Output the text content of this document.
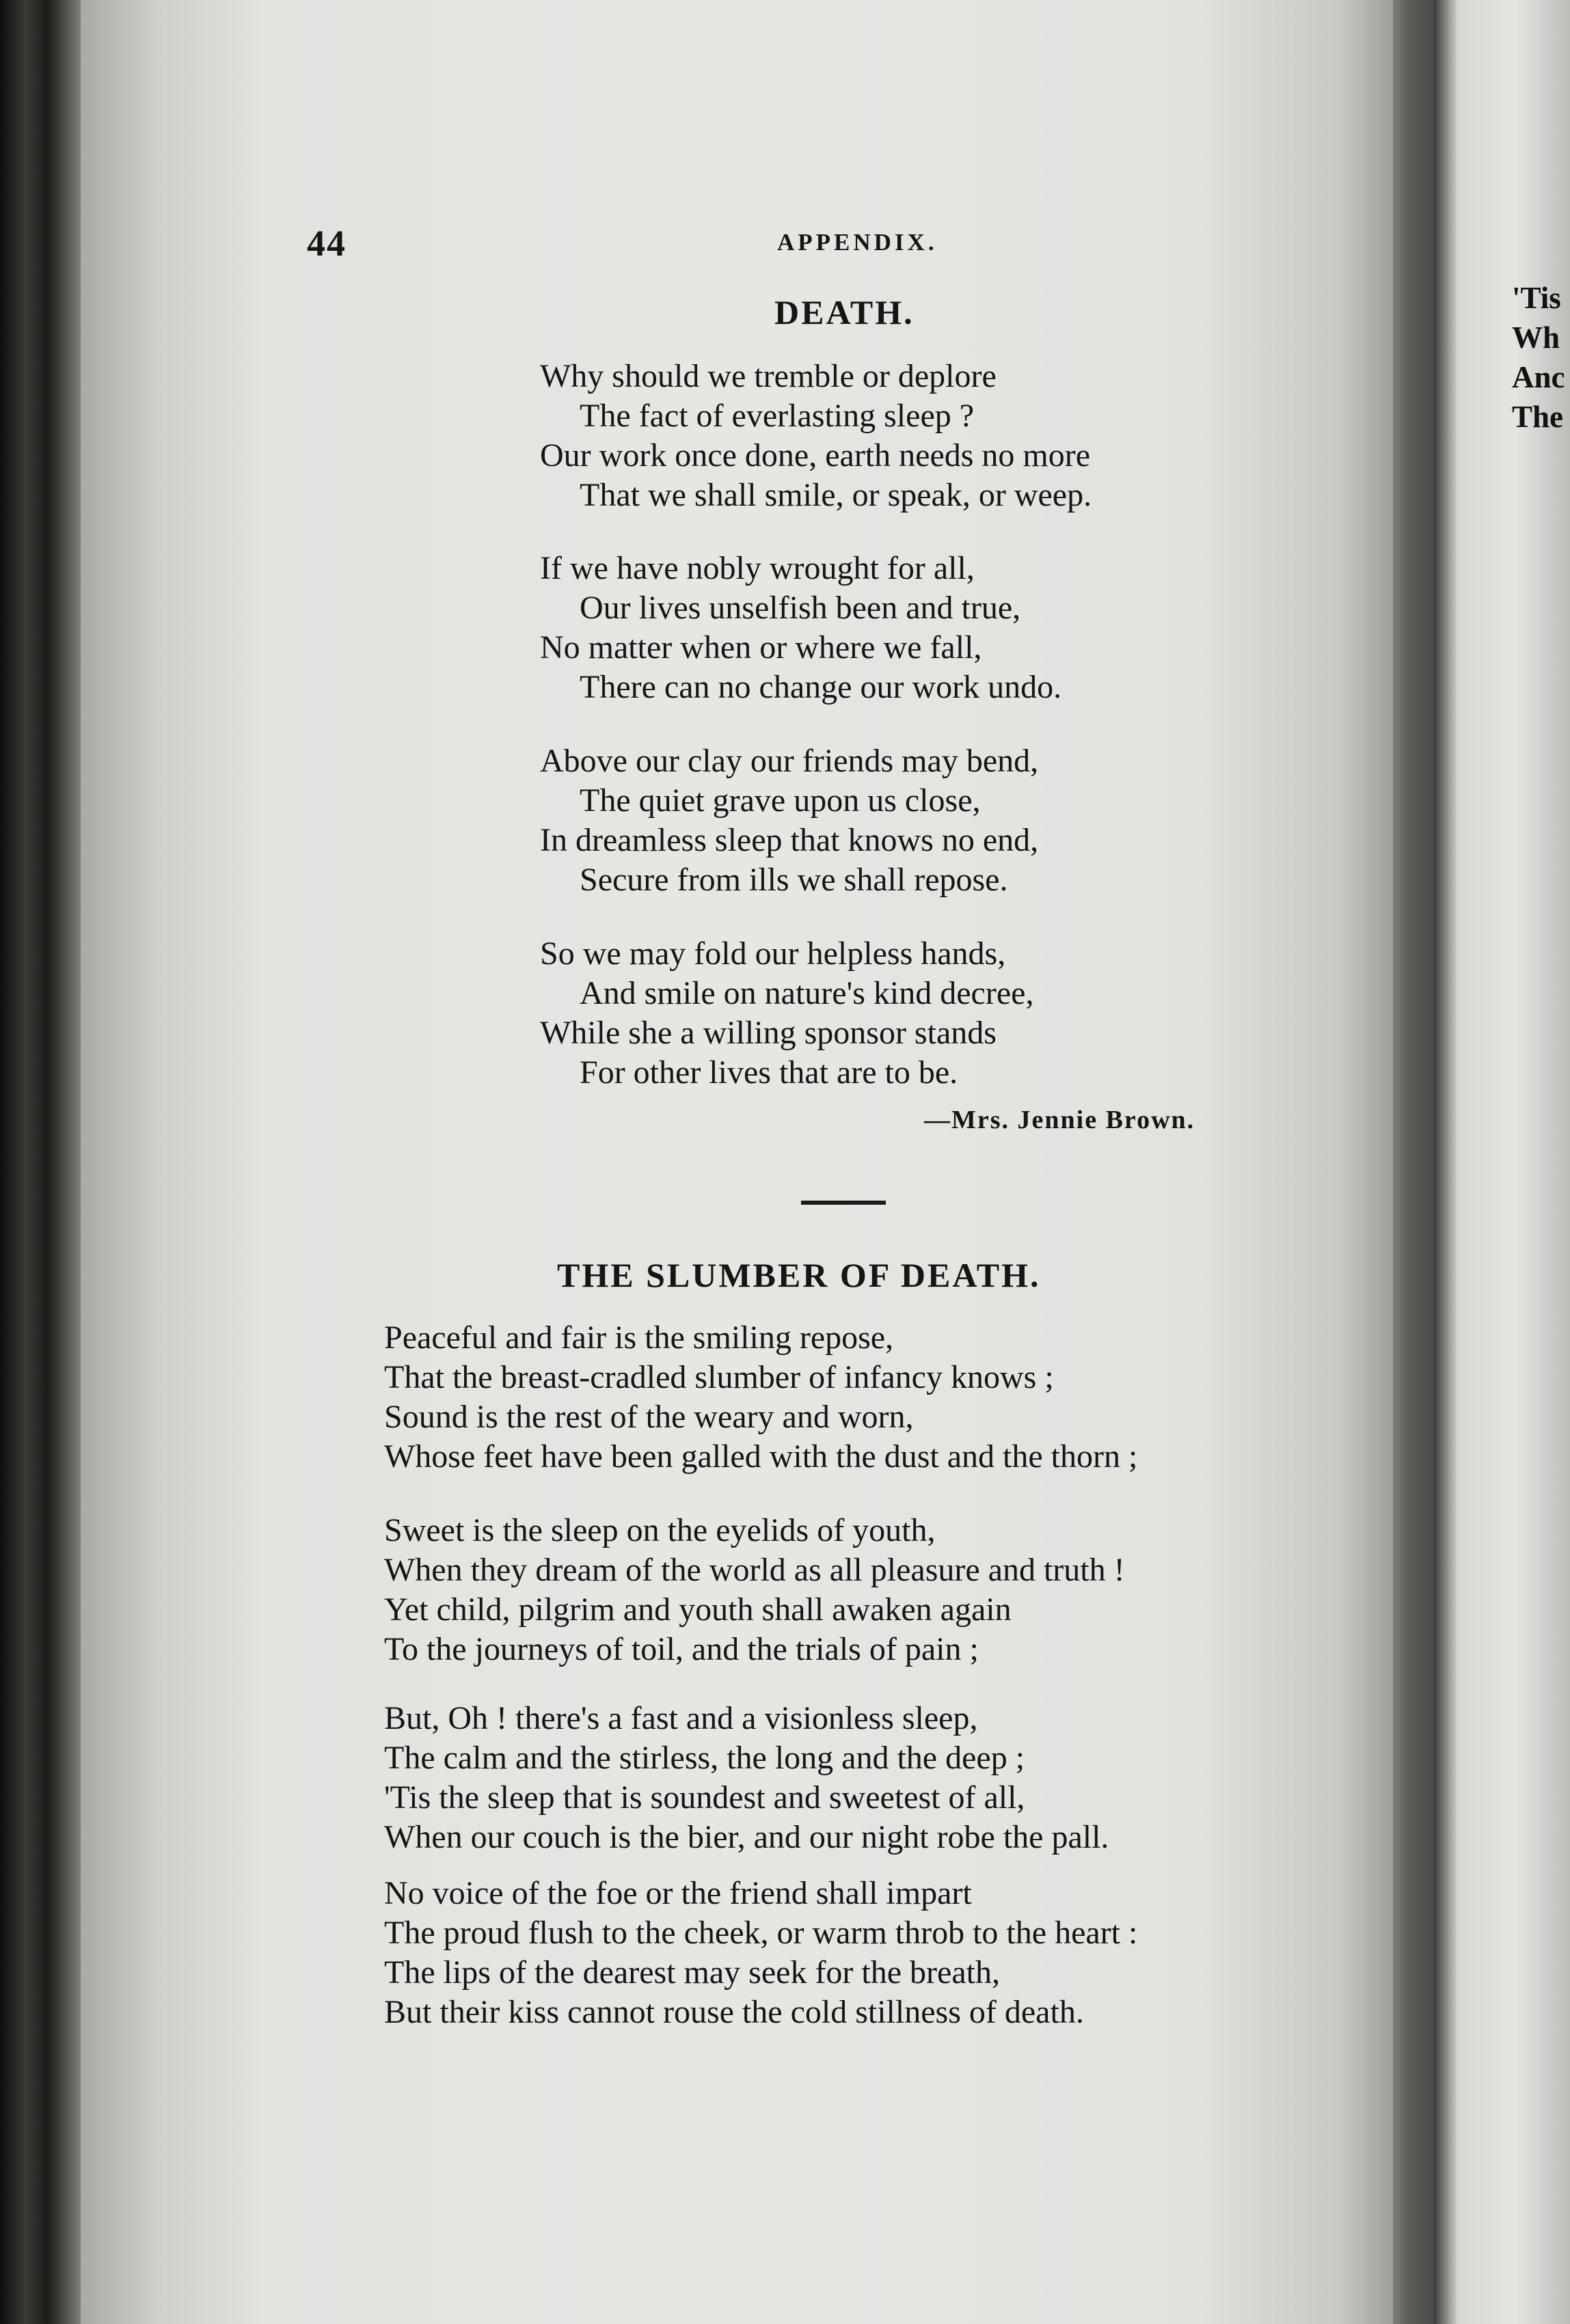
'Tis
Wh
Anc
The
44	APPENDIX.
DEATH.
Why should we tremble or deplore
The fact of everlasting sleep ?
Our work once done, earth needs no more
That we shall smile, or speak, or weep.
If we have nobly wrought for all,
Our lives unselfish been and true,
No matter when or where we fall,
There can no change our work undo.
Above our clay our friends may bend,
The quiet grave upon us close,
In dreamless sleep that knows no end,
Secure from ills we shall repose.
So we may fold our helpless hands,
And smile on nature's kind decree,
While she a willing sponsor stands
For other lives that are to be.
—Mrs. Jennie Brown.
THE SLUMBER OF DEATH.
Peaceful and fair is the smiling repose,
That the breast-cradled slumber of infancy knows ;
Sound is the rest of the weary and worn,
Whose feet have been galled with the dust and the thorn ;
Sweet is the sleep on the eyelids of youth,
When they dream of the world as all pleasure and truth !
Yet child, pilgrim and youth shall awaken again
To the journeys of toil, and the trials of pain ;
But, Oh ! there's a fast and a visionless sleep,
The calm and the stirless, the long and the deep ;
'Tis the sleep that is soundest and sweetest of all,
When our couch is the bier, and our night robe the pall.
No voice of the foe or the friend shall impart
The proud flush to the cheek, or warm throb to the heart :
The lips of the dearest may seek for the breath,
But their kiss cannot rouse the cold stillness of death.
